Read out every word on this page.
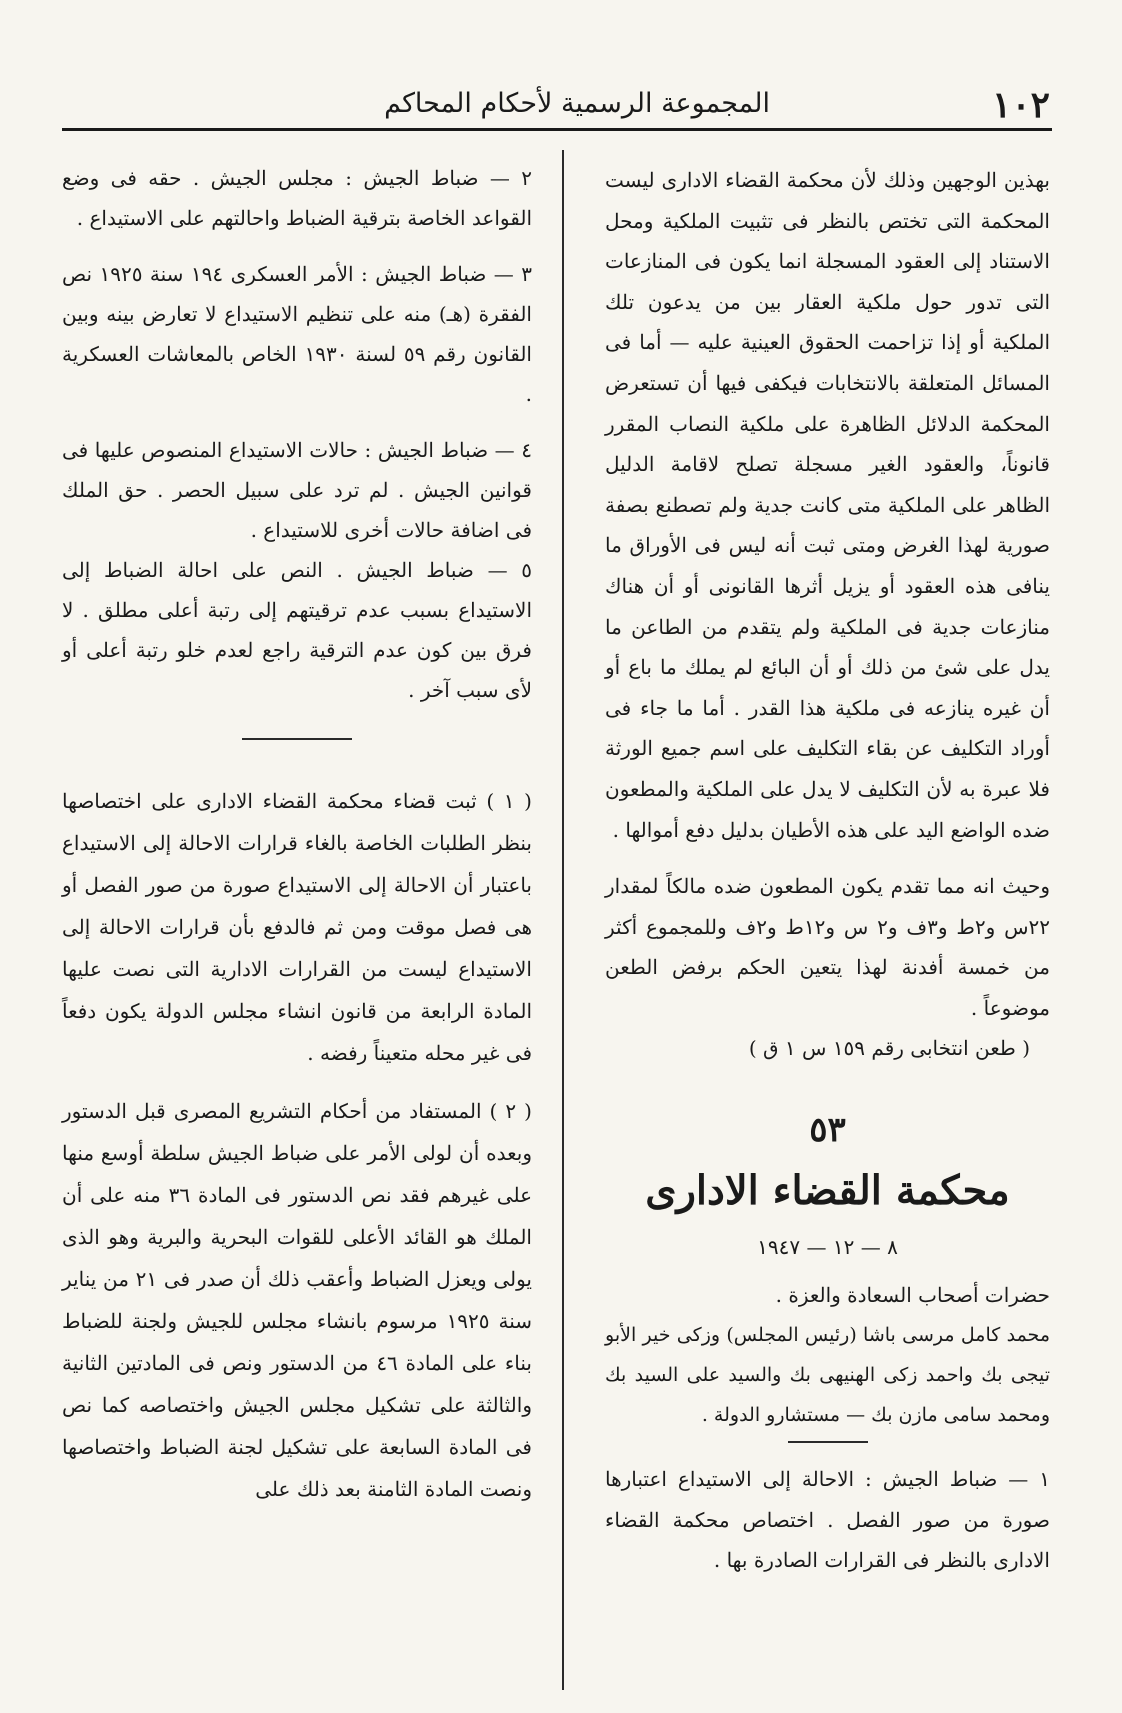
١٠٢
المجموعة الرسمية لأحكام المحاكم

بهذين الوجهين وذلك لأن محكمة القضاء الادارى ليست المحكمة التى تختص بالنظر فى تثبيت الملكية ومحل الاستناد إلى العقود المسجلة انما يكون فى المنازعات التى تدور حول ملكية العقار بين من يدعون تلك الملكية أو إذا تزاحمت الحقوق العينية عليه — أما فى المسائل المتعلقة بالانتخابات فيكفى فيها أن تستعرض المحكمة الدلائل الظاهرة على ملكية النصاب المقرر قانوناً، والعقود الغير مسجلة تصلح لاقامة الدليل الظاهر على الملكية متى كانت جدية ولم تصطنع بصفة صورية لهذا الغرض ومتى ثبت أنه ليس فى الأوراق ما ينافى هذه العقود أو يزيل أثرها القانونى أو أن هناك منازعات جدية فى الملكية ولم يتقدم من الطاعن ما يدل على شئ من ذلك أو أن البائع لم يملك ما باع أو أن غيره ينازعه فى ملكية هذا القدر . أما ما جاء فى أوراد التكليف عن بقاء التكليف على اسم جميع الورثة فلا عبرة به لأن التكليف لا يدل على الملكية والمطعون ضده الواضع اليد على هذه الأطيان بدليل دفع أموالها .

وحيث انه مما تقدم يكون المطعون ضده مالكاً لمقدار ٢٢س و٢ط و٣ف و٢ س و١٢ط و٢ف وللمجموع أكثر من خمسة أفدنة لهذا يتعين الحكم برفض الطعن موضوعاً .

( طعن انتخابى رقم ١٥٩ س ١ ق )

٥٣

محكمة القضاء الادارى

٨ — ١٢ — ١٩٤٧

حضرات أصحاب السعادة والعزة .

محمد كامل مرسى باشا (رئيس المجلس) وزكى خير الأبو تيجى بك واحمد زكى الهنيهى بك والسيد على السيد بك ومحمد سامى مازن بك — مستشارو الدولة .

١ — ضباط الجيش : الاحالة إلى الاستيداع اعتبارها صورة من صور الفصل . اختصاص محكمة القضاء الادارى بالنظر فى القرارات الصادرة بها .

٢ — ضباط الجيش : مجلس الجيش . حقه فى وضع القواعد الخاصة بترقية الضباط واحالتهم على الاستيداع .

٣ — ضباط الجيش : الأمر العسكرى ١٩٤ سنة ١٩٢٥ نص الفقرة (هـ) منه على تنظيم الاستيداع لا تعارض بينه وبين القانون رقم ٥٩ لسنة ١٩٣٠ الخاص بالمعاشات العسكرية .

٤ — ضباط الجيش : حالات الاستيداع المنصوص عليها فى قوانين الجيش . لم ترد على سبيل الحصر . حق الملك فى اضافة حالات أخرى للاستيداع .

٥ — ضباط الجيش . النص على احالة الضباط إلى الاستيداع بسبب عدم ترقيتهم إلى رتبة أعلى مطلق . لا فرق بين كون عدم الترقية راجع لعدم خلو رتبة أعلى أو لأى سبب آخر .

( ١ ) ثبت قضاء محكمة القضاء الادارى على اختصاصها بنظر الطلبات الخاصة بالغاء قرارات الاحالة إلى الاستيداع باعتبار أن الاحالة إلى الاستيداع صورة من صور الفصل أو هى فصل موقت ومن ثم فالدفع بأن قرارات الاحالة إلى الاستيداع ليست من القرارات الادارية التى نصت عليها المادة الرابعة من قانون انشاء مجلس الدولة يكون دفعاً فى غير محله متعيناً رفضه .

( ٢ ) المستفاد من أحكام التشريع المصرى قبل الدستور وبعده أن لولى الأمر على ضباط الجيش سلطة أوسع منها على غيرهم فقد نص الدستور فى المادة ٣٦ منه على أن الملك هو القائد الأعلى للقوات البحرية والبرية وهو الذى يولى ويعزل الضباط وأعقب ذلك أن صدر فى ٢١ من يناير سنة ١٩٢٥ مرسوم بانشاء مجلس للجيش ولجنة للضباط بناء على المادة ٤٦ من الدستور ونص فى المادتين الثانية والثالثة على تشكيل مجلس الجيش واختصاصه كما نص فى المادة السابعة على تشكيل لجنة الضباط واختصاصها ونصت المادة الثامنة بعد ذلك على
